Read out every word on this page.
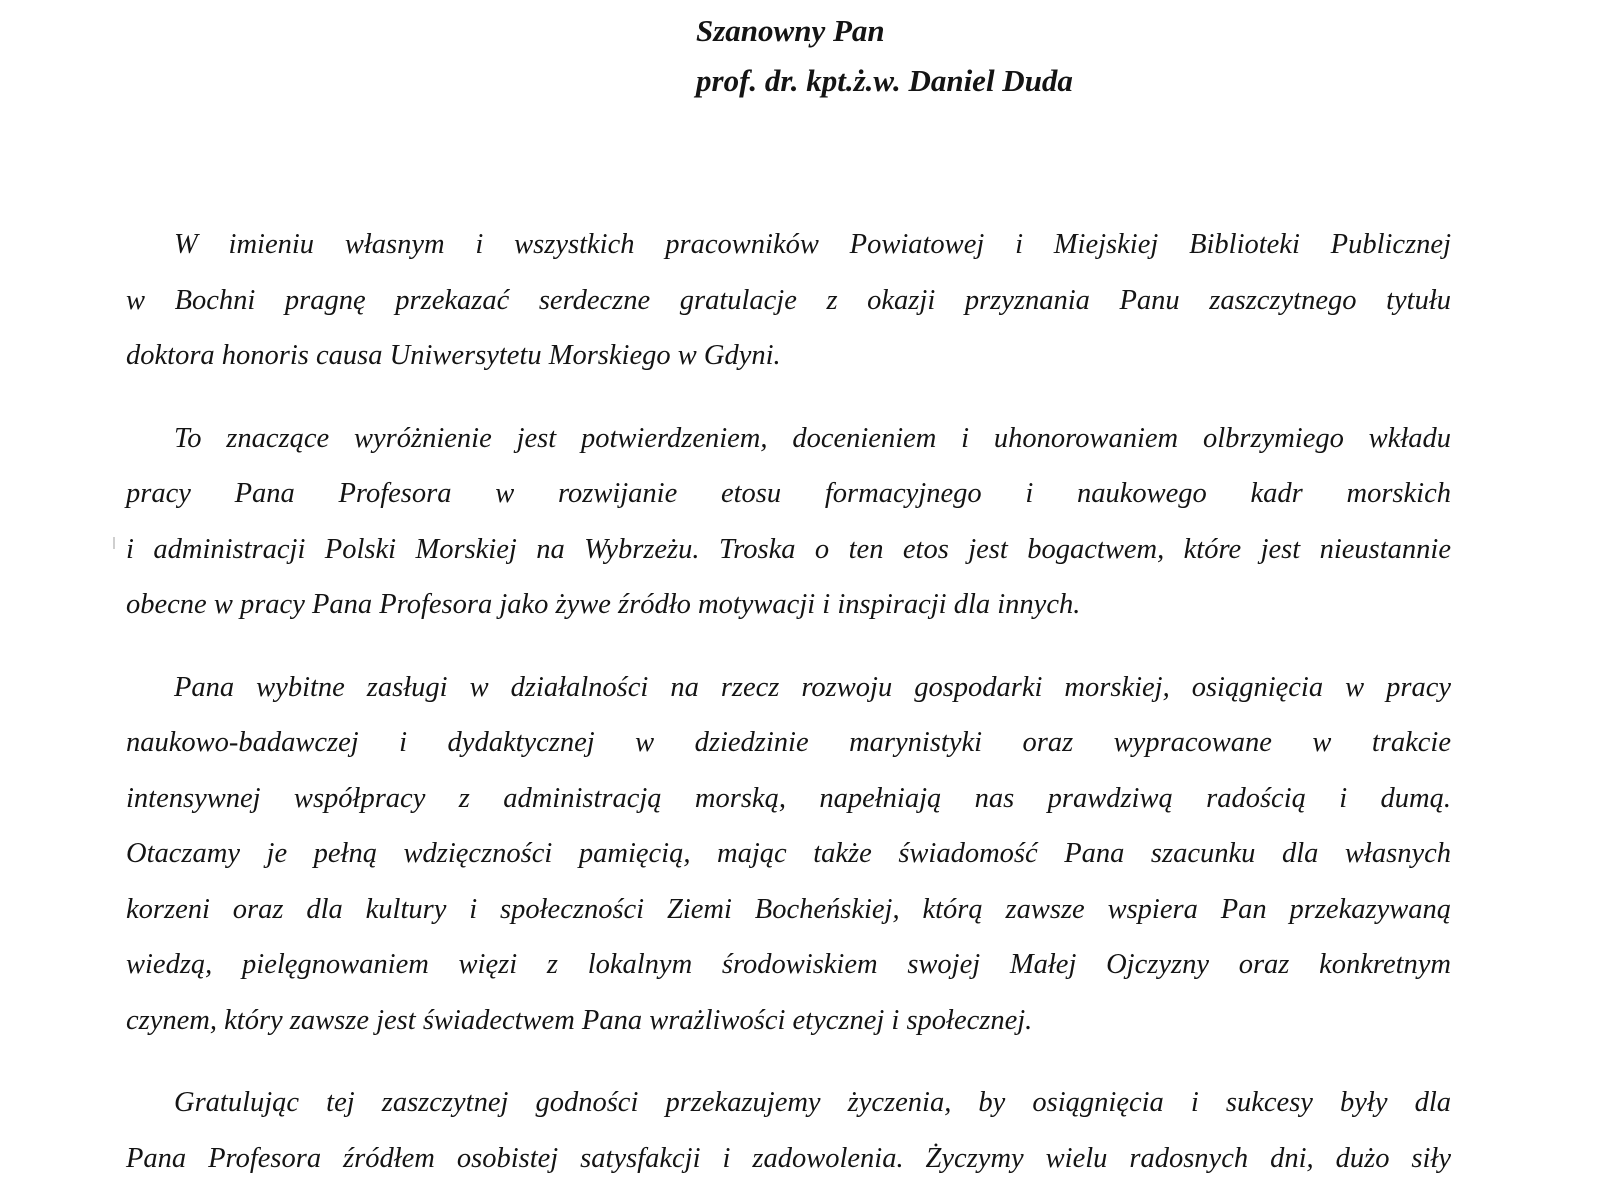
Szanowny Pan
prof. dr. kpt.ż.w. Daniel Duda
W imieniu własnym i wszystkich pracowników Powiatowej i Miejskiej Biblioteki Publicznej
w Bochni pragnę przekazać serdeczne gratulacje z okazji przyznania Panu zaszczytnego tytułu
doktora honoris causa Uniwersytetu Morskiego w Gdyni.
To znaczące wyróżnienie jest potwierdzeniem, docenieniem i uhonorowaniem olbrzymiego wkładu
pracy Pana Profesora w rozwijanie etosu formacyjnego i naukowego kadr morskich
i administracji Polski Morskiej na Wybrzeżu. Troska o ten etos jest bogactwem, które jest nieustannie
obecne w pracy Pana Profesora jako żywe źródło motywacji i inspiracji dla innych.
Pana wybitne zasługi w działalności na rzecz rozwoju gospodarki morskiej, osiągnięcia w pracy
naukowo-badawczej i dydaktycznej w dziedzinie marynistyki oraz wypracowane w trakcie
intensywnej współpracy z administracją morską, napełniają nas prawdziwą radością i dumą.
Otaczamy je pełną wdzięczności pamięcią, mając także świadomość Pana szacunku dla własnych
korzeni oraz dla kultury i społeczności Ziemi Bocheńskiej, którą zawsze wspiera Pan przekazywaną
wiedzą, pielęgnowaniem więzi z lokalnym środowiskiem swojej Małej Ojczyzny oraz konkretnym
czynem, który zawsze jest świadectwem Pana wrażliwości etycznej i społecznej.
Gratulując tej zaszczytnej godności przekazujemy życzenia, by osiągnięcia i sukcesy były dla
Pana Profesora źródłem osobistej satysfakcji i zadowolenia. Życzymy wielu radosnych dni, dużo siły
